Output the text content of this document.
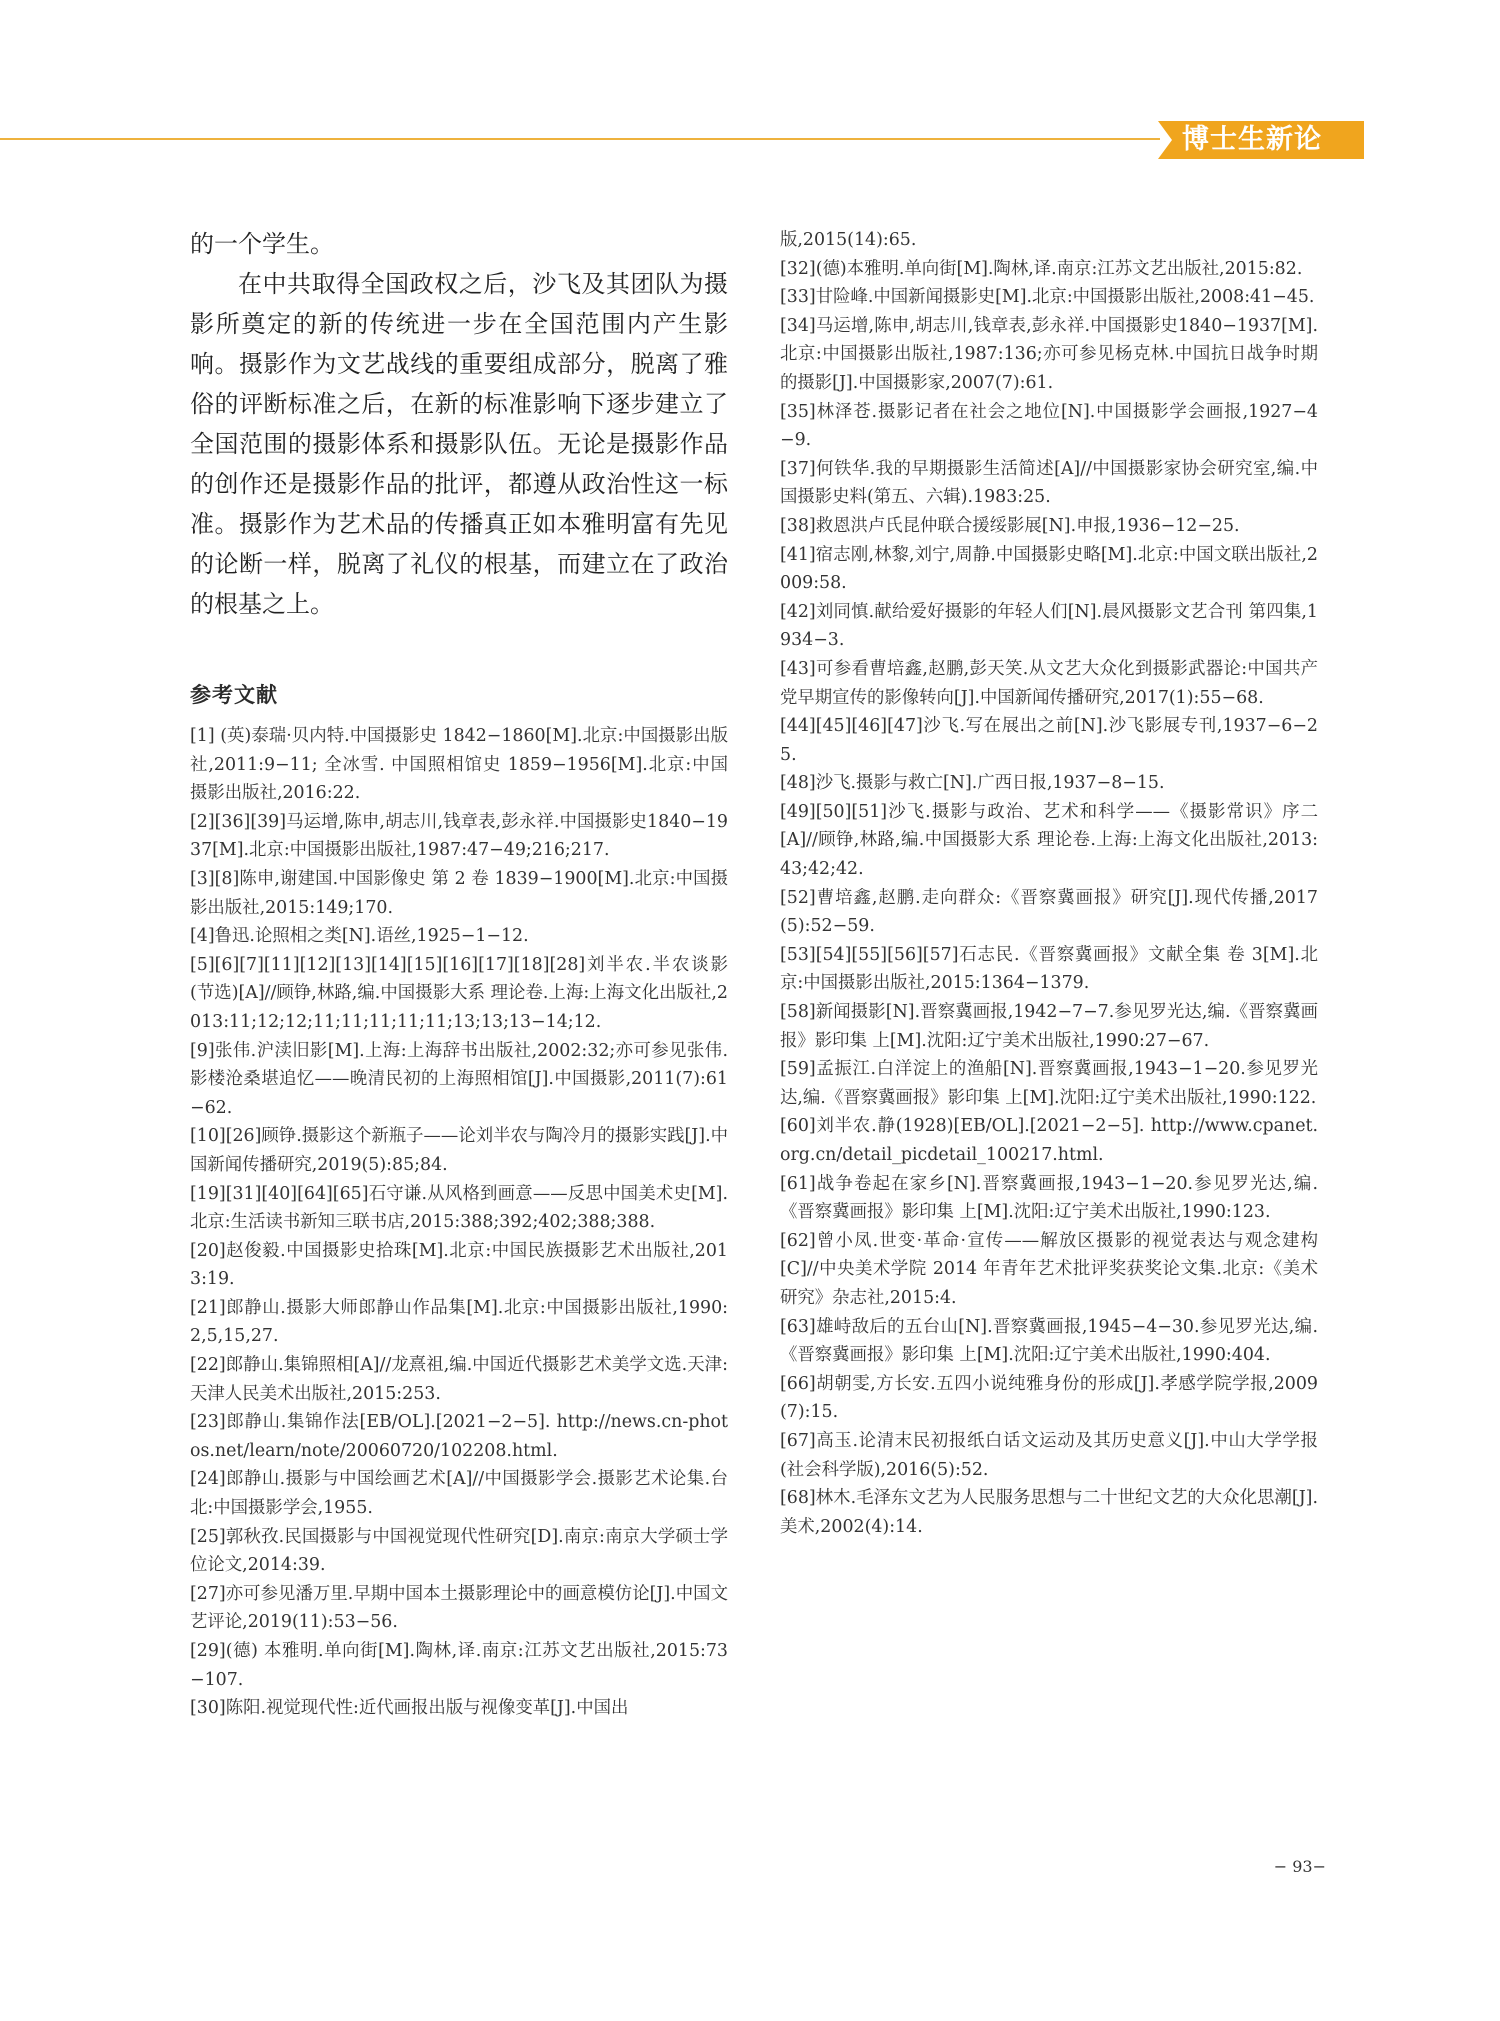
博士生新论

的一个学生。

在中共取得全国政权之后，沙飞及其团队为摄影所奠定的新的传统进一步在全国范围内产生影响。摄影作为文艺战线的重要组成部分，脱离了雅俗的评断标准之后，在新的标准影响下逐步建立了全国范围的摄影体系和摄影队伍。无论是摄影作品的创作还是摄影作品的批评，都遵从政治性这一标准。摄影作为艺术品的传播真正如本雅明富有先见的论断一样，脱离了礼仪的根基，而建立在了政治的根基之上。

参考文献

[1] (英)泰瑞·贝内特.中国摄影史 1842−1860[M].北京:中国摄影出版社,2011:9−11; 全冰雪. 中国照相馆史 1859−1956[M].北京:中国摄影出版社,2016:22.

[2][36][39]马运增,陈申,胡志川,钱章表,彭永祥.中国摄影史1840−1937[M].北京:中国摄影出版社,1987:47−49;216;217.

[3][8]陈申,谢建国.中国影像史 第 2 卷 1839−1900[M].北京:中国摄影出版社,2015:149;170.

[4]鲁迅.论照相之类[N].语丝,1925−1−12.

[5][6][7][11][12][13][14][15][16][17][18][28]刘半农.半农谈影(节选)[A]//顾铮,林路,编.中国摄影大系 理论卷.上海:上海文化出版社,2013:11;12;12;11;11;11;11;11;13;13;13−14;12.

[9]张伟.沪渎旧影[M].上海:上海辞书出版社,2002:32;亦可参见张伟.影楼沧桑堪追忆——晚清民初的上海照相馆[J].中国摄影,2011(7):61−62.

[10][26]顾铮.摄影这个新瓶子——论刘半农与陶冷月的摄影实践[J].中国新闻传播研究,2019(5):85;84.

[19][31][40][64][65]石守谦.从风格到画意——反思中国美术史[M].北京:生活读书新知三联书店,2015:388;392;402;388;388.

[20]赵俊毅.中国摄影史拾珠[M].北京:中国民族摄影艺术出版社,2013:19.

[21]郎静山.摄影大师郎静山作品集[M].北京:中国摄影出版社,1990:2,5,15,27.

[22]郎静山.集锦照相[A]//龙熹祖,编.中国近代摄影艺术美学文选.天津:天津人民美术出版社,2015:253.

[23]郎静山.集锦作法[EB/OL].[2021−2−5]. http://news.cn-photos.net/learn/note/20060720/102208.html.

[24]郎静山.摄影与中国绘画艺术[A]//中国摄影学会.摄影艺术论集.台北:中国摄影学会,1955.

[25]郭秋孜.民国摄影与中国视觉现代性研究[D].南京:南京大学硕士学位论文,2014:39.

[27]亦可参见潘万里.早期中国本土摄影理论中的画意模仿论[J].中国文艺评论,2019(11):53−56.

[29](德) 本雅明.单向街[M].陶林,译.南京:江苏文艺出版社,2015:73−107.

[30]陈阳.视觉现代性:近代画报出版与视像变革[J].中国出

版,2015(14):65.

[32](德)本雅明.单向街[M].陶林,译.南京:江苏文艺出版社,2015:82.

[33]甘险峰.中国新闻摄影史[M].北京:中国摄影出版社,2008:41−45.

[34]马运增,陈申,胡志川,钱章表,彭永祥.中国摄影史1840−1937[M].北京:中国摄影出版社,1987:136;亦可参见杨克林.中国抗日战争时期的摄影[J].中国摄影家,2007(7):61.

[35]林泽苍.摄影记者在社会之地位[N].中国摄影学会画报,1927−4−9.

[37]何铁华.我的早期摄影生活简述[A]//中国摄影家协会研究室,编.中国摄影史料(第五、六辑).1983:25.

[38]救恩洪卢氏昆仲联合援绥影展[N].申报,1936−12−25.

[41]宿志刚,林黎,刘宁,周静.中国摄影史略[M].北京:中国文联出版社,2009:58.

[42]刘同慎.献给爱好摄影的年轻人们[N].晨风摄影文艺合刊 第四集,1934−3.

[43]可参看曹培鑫,赵鹏,彭天笑.从文艺大众化到摄影武器论:中国共产党早期宣传的影像转向[J].中国新闻传播研究,2017(1):55−68.

[44][45][46][47]沙飞.写在展出之前[N].沙飞影展专刊,1937−6−25.

[48]沙飞.摄影与救亡[N].广西日报,1937−8−15.

[49][50][51]沙飞.摄影与政治、艺术和科学——《摄影常识》序二[A]//顾铮,林路,编.中国摄影大系 理论卷.上海:上海文化出版社,2013:43;42;42.

[52]曹培鑫,赵鹏.走向群众:《晋察冀画报》研究[J].现代传播,2017(5):52−59.

[53][54][55][56][57]石志民.《晋察冀画报》文献全集 卷 3[M].北京:中国摄影出版社,2015:1364−1379.

[58]新闻摄影[N].晋察冀画报,1942−7−7.参见罗光达,编.《晋察冀画报》影印集 上[M].沈阳:辽宁美术出版社,1990:27−67.

[59]孟振江.白洋淀上的渔船[N].晋察冀画报,1943−1−20.参见罗光达,编.《晋察冀画报》影印集 上[M].沈阳:辽宁美术出版社,1990:122.

[60]刘半农.静(1928)[EB/OL].[2021−2−5]. http://www.cpanet.org.cn/detail_picdetail_100217.html.

[61]战争卷起在家乡[N].晋察冀画报,1943−1−20.参见罗光达,编.《晋察冀画报》影印集 上[M].沈阳:辽宁美术出版社,1990:123.

[62]曾小凤.世变·革命·宣传——解放区摄影的视觉表达与观念建构 [C]//中央美术学院 2014 年青年艺术批评奖获奖论文集.北京:《美术研究》杂志社,2015:4.

[63]雄峙敌后的五台山[N].晋察冀画报,1945−4−30.参见罗光达,编.《晋察冀画报》影印集 上[M].沈阳:辽宁美术出版社,1990:404.

[66]胡朝雯,方长安.五四小说纯雅身份的形成[J].孝感学院学报,2009(7):15.

[67]高玉.论清末民初报纸白话文运动及其历史意义[J].中山大学学报(社会科学版),2016(5):52.

[68]林木.毛泽东文艺为人民服务思想与二十世纪文艺的大众化思潮[J].美术,2002(4):14.

− 93−
